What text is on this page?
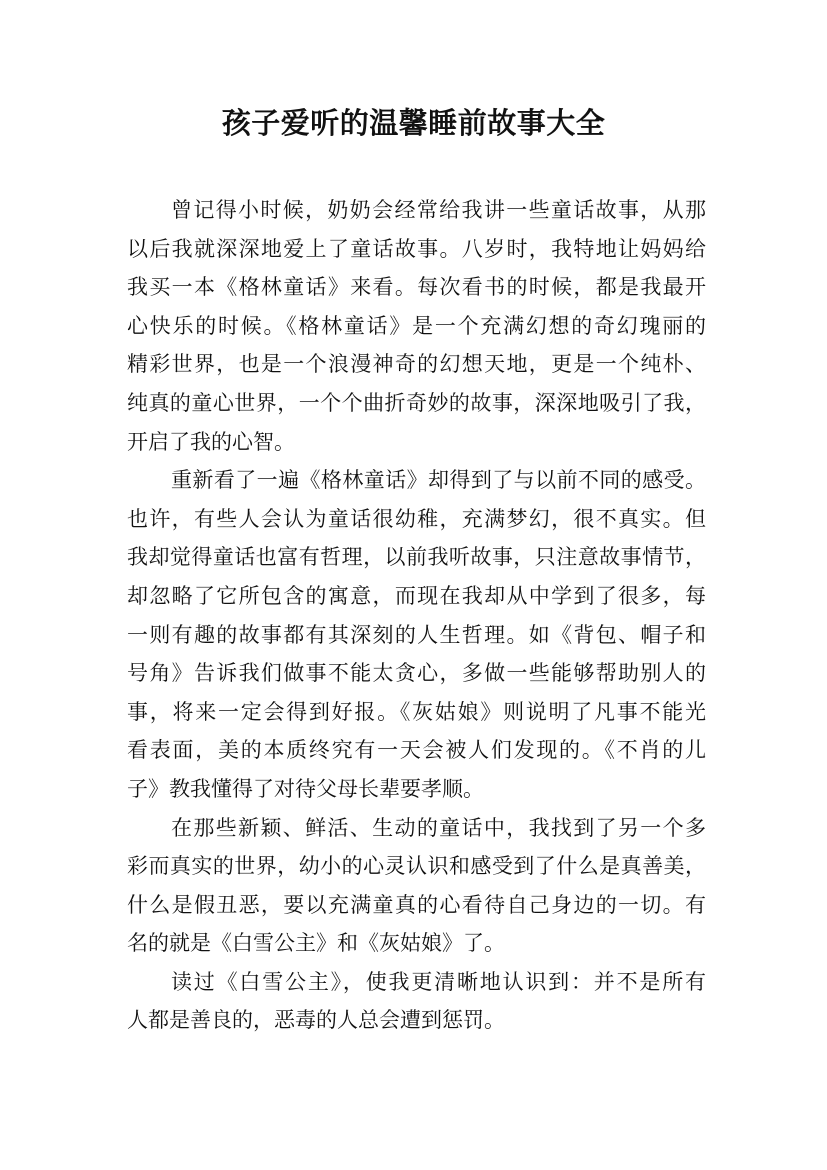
孩子爱听的温馨睡前故事大全
曾记得小时候，奶奶会经常给我讲一些童话故事，从那
以后我就深深地爱上了童话故事。八岁时，我特地让妈妈给
我买一本《格林童话》来看。每次看书的时候，都是我最开
心快乐的时候。《格林童话》是一个充满幻想的奇幻瑰丽的
精彩世界，也是一个浪漫神奇的幻想天地，更是一个纯朴、
纯真的童心世界，一个个曲折奇妙的故事，深深地吸引了我，
开启了我的心智。
重新看了一遍《格林童话》却得到了与以前不同的感受。
也许，有些人会认为童话很幼稚，充满梦幻，很不真实。但
我却觉得童话也富有哲理，以前我听故事，只注意故事情节，
却忽略了它所包含的寓意，而现在我却从中学到了很多，每
一则有趣的故事都有其深刻的人生哲理。如《背包、帽子和
号角》告诉我们做事不能太贪心，多做一些能够帮助别人的
事，将来一定会得到好报。《灰姑娘》则说明了凡事不能光
看表面，美的本质终究有一天会被人们发现的。《不肖的儿
子》教我懂得了对待父母长辈要孝顺。
在那些新颖、鲜活、生动的童话中，我找到了另一个多
彩而真实的世界，幼小的心灵认识和感受到了什么是真善美，
什么是假丑恶，要以充满童真的心看待自己身边的一切。有
名的就是《白雪公主》和《灰姑娘》了。
读过《白雪公主》，使我更清晰地认识到：并不是所有
人都是善良的，恶毒的人总会遭到惩罚。
